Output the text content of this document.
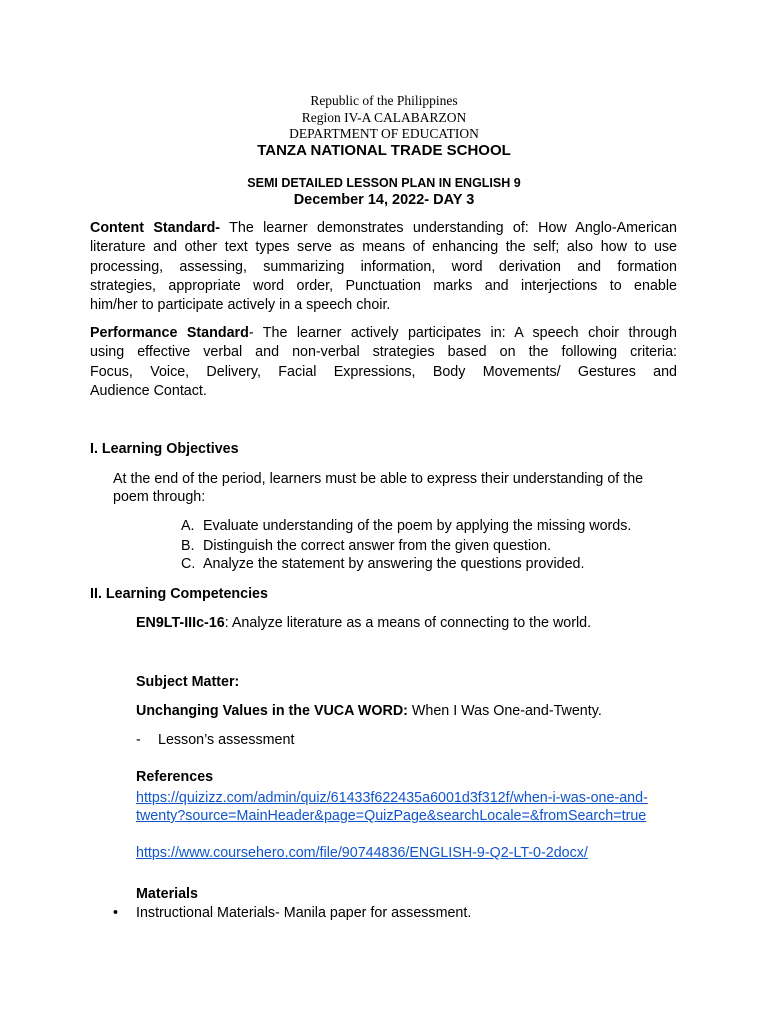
Republic of the Philippines
Region IV-A CALABARZON
DEPARTMENT OF EDUCATION
TANZA NATIONAL TRADE SCHOOL
SEMI DETAILED LESSON PLAN IN ENGLISH 9
December 14, 2022- DAY 3
Content Standard- The learner demonstrates understanding of: How Anglo-American
literature and other text types serve as means of enhancing the self; also how to use
processing, assessing, summarizing information, word derivation and formation
strategies, appropriate word order, Punctuation marks and interjections to enable
him/her to participate actively in a speech choir.
Performance Standard- The learner actively participates in: A speech choir through
using effective verbal and non-verbal strategies based on the following criteria:
Focus, Voice, Delivery, Facial Expressions, Body Movements/ Gestures and
Audience Contact.
I. Learning Objectives
At the end of the period, learners must be able to express their understanding of the
poem through:
A. Evaluate understanding of the poem by applying the missing words.
B. Distinguish the correct answer from the given question.
C. Analyze the statement by answering the questions provided.
II. Learning Competencies
EN9LT-IIIc-16: Analyze literature as a means of connecting to the world.
Subject Matter:
Unchanging Values in the VUCA WORD: When I Was One-and-Twenty.
- Lesson’s assessment
References
https://quizizz.com/admin/quiz/61433f622435a6001d3f312f/when-i-was-one-and-
twenty?source=MainHeader&page=QuizPage&searchLocale=&fromSearch=true
https://www.coursehero.com/file/90744836/ENGLISH-9-Q2-LT-0-2docx/
Materials
• Instructional Materials- Manila paper for assessment.
